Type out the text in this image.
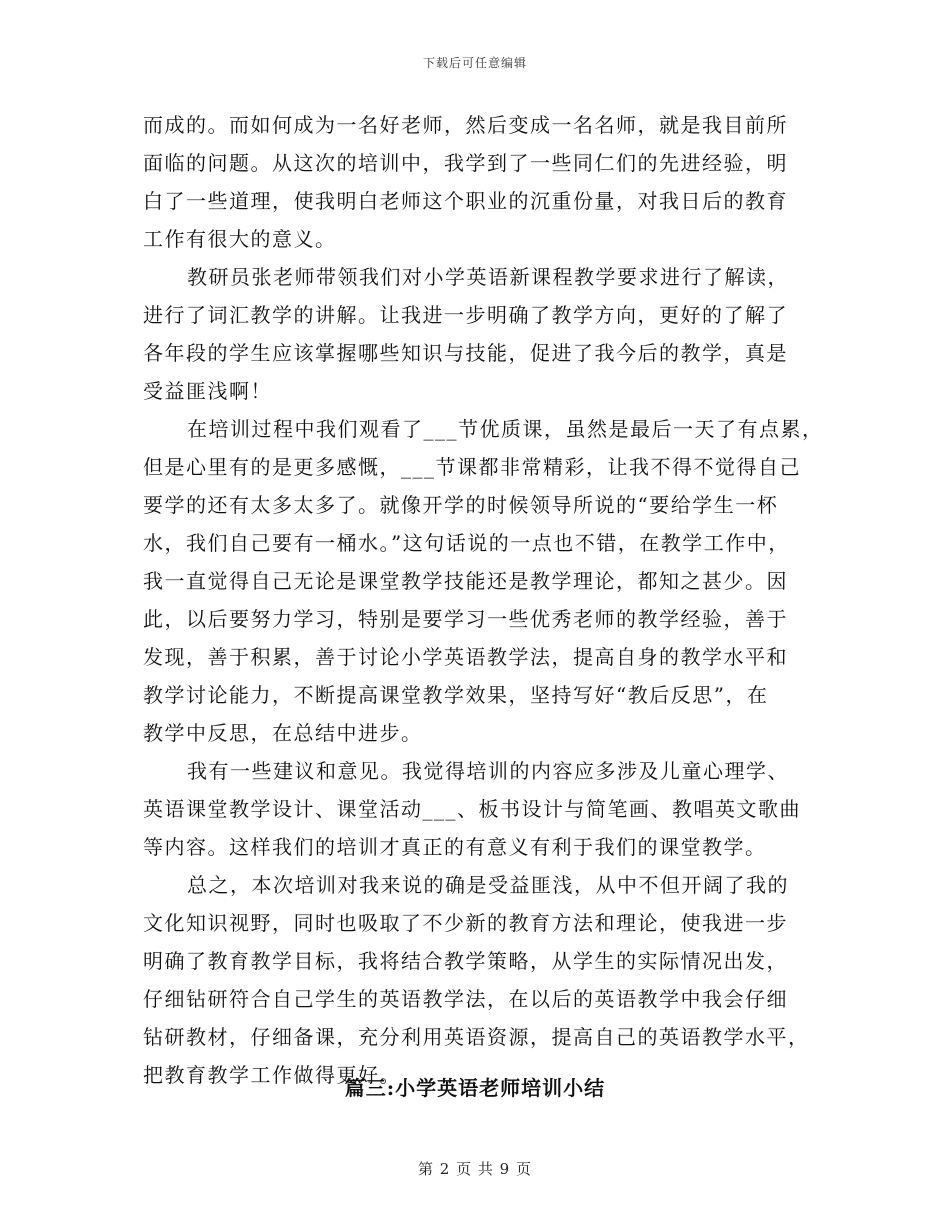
下载后可任意编辑
而成的。而如何成为一名好老师，然后变成一名名师，就是我目前所
面临的问题。从这次的培训中，我学到了一些同仁们的先进经验，明
白了一些道理，使我明白老师这个职业的沉重份量，对我日后的教育
工作有很大的意义。
教研员张老师带领我们对小学英语新课程教学要求进行了解读，
进行了词汇教学的讲解。让我进一步明确了教学方向，更好的了解了
各年段的学生应该掌握哪些知识与技能，促进了我今后的教学，真是
受益匪浅啊！
在培训过程中我们观看了___节优质课，虽然是最后一天了有点累，
但是心里有的是更多感慨，___节课都非常精彩，让我不得不觉得自己
要学的还有太多太多了。就像开学的时候领导所说的“要给学生一杯
水，我们自己要有一桶水。”这句话说的一点也不错，在教学工作中，
我一直觉得自己无论是课堂教学技能还是教学理论，都知之甚少。因
此，以后要努力学习，特别是要学习一些优秀老师的教学经验，善于
发现，善于积累，善于讨论小学英语教学法，提高自身的教学水平和
教学讨论能力，不断提高课堂教学效果，坚持写好“教后反思”，在
教学中反思，在总结中进步。
我有一些建议和意见。我觉得培训的内容应多涉及儿童心理学、
英语课堂教学设计、课堂活动___、板书设计与简笔画、教唱英文歌曲
等内容。这样我们的培训才真正的有意义有利于我们的课堂教学。
总之，本次培训对我来说的确是受益匪浅，从中不但开阔了我的
文化知识视野，同时也吸取了不少新的教育方法和理论，使我进一步
明确了教育教学目标，我将结合教学策略，从学生的实际情况出发，
仔细钻研符合自己学生的英语教学法，在以后的英语教学中我会仔细
钻研教材，仔细备课，充分利用英语资源，提高自己的英语教学水平，
把教育教学工作做得更好。
篇三:小学英语老师培训小结
第 2 页 共 9 页
